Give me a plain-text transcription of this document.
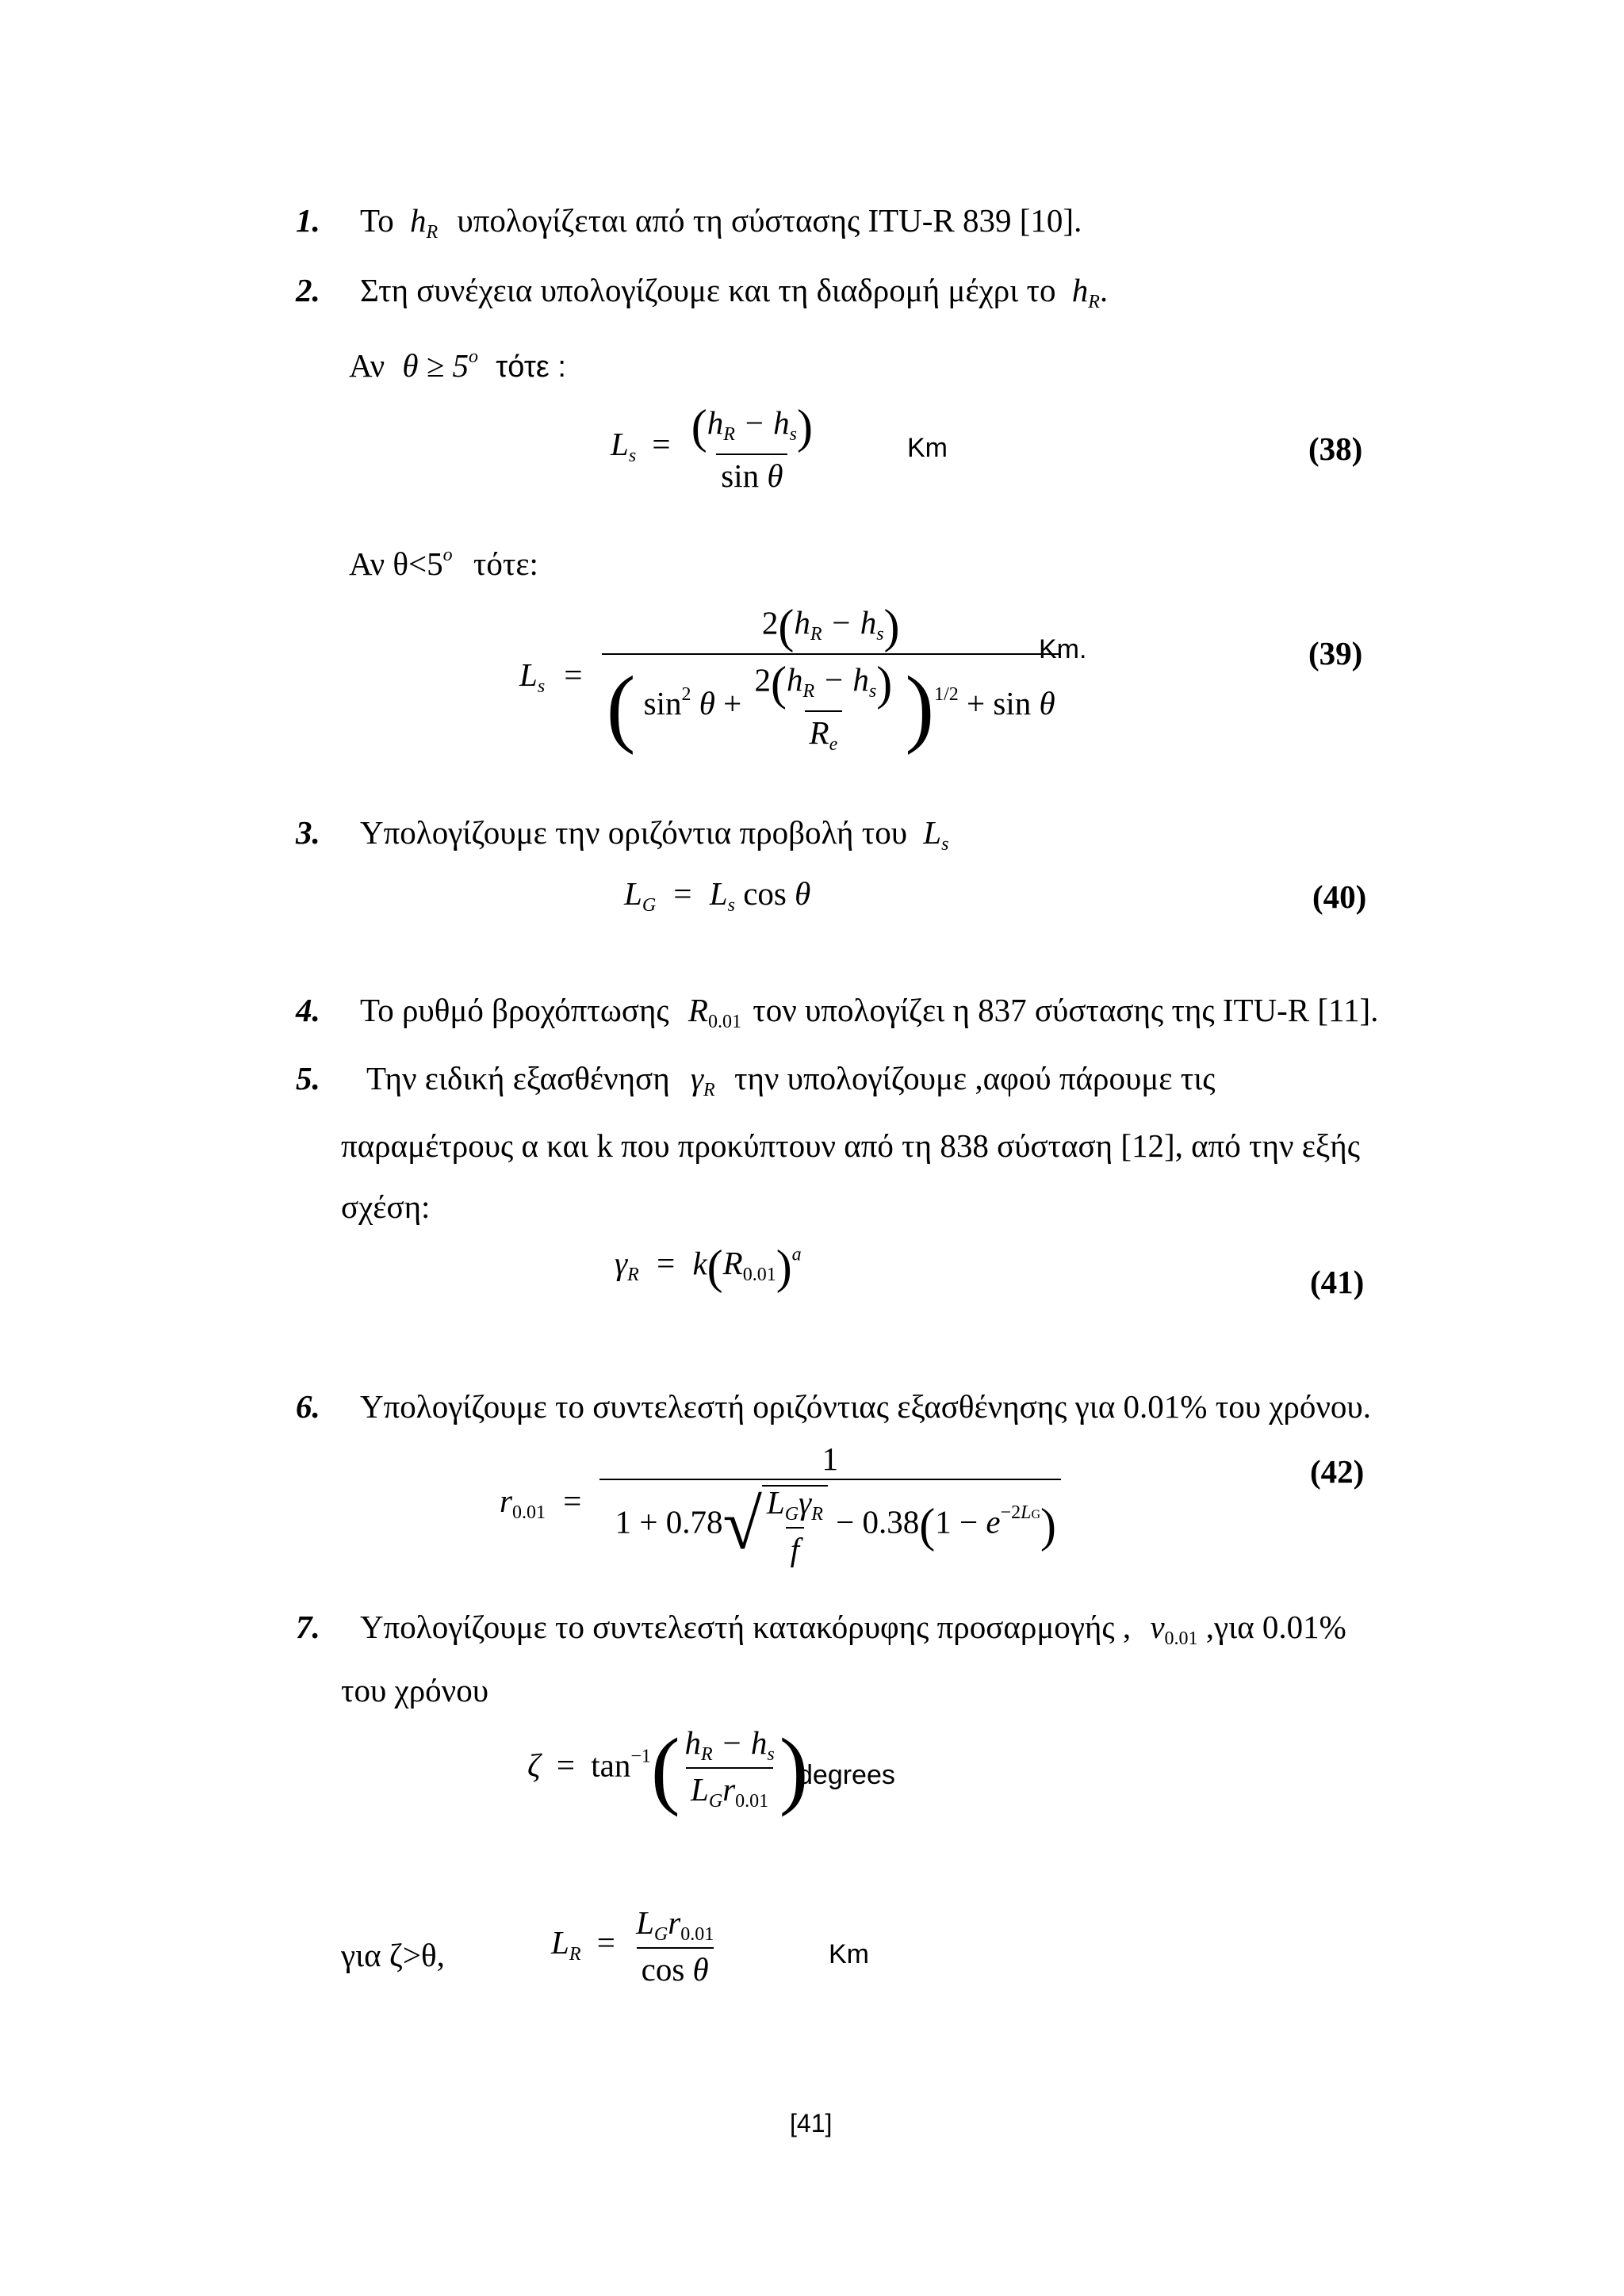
1. Το $h_R$ υπολογίζεται από τη σύστασης ITU-R 839 [10].
2. Στη συνέχεια υπολογίζουμε και τη διαδρομή μέχρι το $h_R$.
Αν $\theta \ge 5^o$ τότε :
$L_s = \frac{(h_R - h_s)}{\text{sin θ}}$	Km	(38)
Αν $\theta<5^o$ τότε:
$L_s = \frac{2(h_R - h_s)}{( \sin^2 \theta + \frac{2(h_R - h_s)}{R_e} )^{1/2} + \sin \theta}$
Km.	(39)
3. Υπολογίζουμε την οριζόντια προβολή του $L_s$
$L_G = L_s$ cos θ	(40)
4. Το ρυθμό βροχόπτωσης $R_{0.01}$ τον υπολογίζει η 837 σύστασης της ITU-R [11].
5. Την ειδική εξασθένηση $\gamma_R$ την υπολογίζουμε ,αφού πάρουμε τις
παραμέτρους α και k που προκύπτουν από τη 838 σύσταση [12], από την εξής
σχέση:
$\gamma_R = k(R_{0.01})^a$
(41)
6. Υπολογίζουμε το συντελεστή οριζόντιας εξασθένησης για 0.01% του χρόνου.
$r_{0.01} = \frac{1}{1 + 0.78√ \frac{L_G\gamma_R}{f} - 0.38(1 - e^{-2LG})}$	(42)
7. Υπολογίζουμε το συντελεστή κατακόρυφης προσαρμογής , $v_{0.01}$ ,για 0.01%
του χρόνου
$\zeta = \tan^{-1}( \frac{h_R - h_s}{L_Gr_{0.01}}$ )
degrees
για ζ>θ,	$L_R = \frac{L_Gr_{0.01}}{\text{cos θ}}$	Km
[41]
